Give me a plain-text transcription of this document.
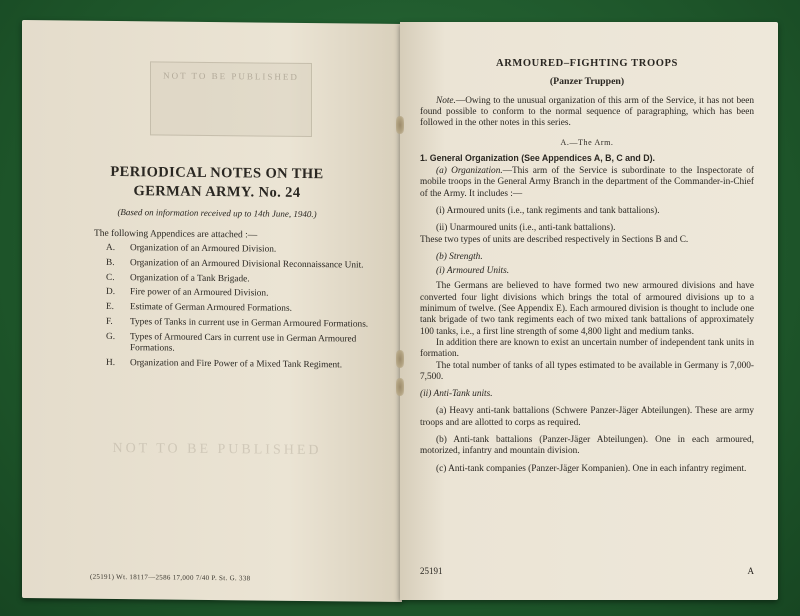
NOT TO BE PUBLISHED
NOT TO BE PUBLISHED
PERIODICAL NOTES ON THE
GERMAN ARMY. No. 24
(Based on information received up to 14th June, 1940.)
The following Appendices are attached :—
A.	Organization of an Armoured Division.
B.	Organization of an Armoured Divisional Reconnaissance Unit.
C.	Organization of a Tank Brigade.
D.	Fire power of an Armoured Division.
E.	Estimate of German Armoured Formations.
F.	Types of Tanks in current use in German Armoured Formations.
G.	Types of Armoured Cars in current use in German Armoured Formations.
H.	Organization and Fire Power of a Mixed Tank Regiment.
(25191) Wt. 18117—2586 17,000 7/40 P. St. G. 338

ARMOURED–FIGHTING TROOPS

(Panzer Truppen)

Note.—Owing to the unusual organization of this arm of the Service, it has not been found possible to conform to the normal sequence of paragraphing, which has been followed in the other notes in this series.

A.—The Arm.

1. General Organization (See Appendices A, B, C and D).

(a) Organization.—This arm of the Service is subordinate to the Inspectorate of mobile troops in the General Army Branch in the department of the Commander-in-Chief of the Army. It includes :—

(i) Armoured units (i.e., tank regiments and tank battalions).

(ii) Unarmoured units (i.e., anti-tank battalions).

These two types of units are described respectively in Sections B and C.

(b) Strength.

(i) Armoured Units.

The Germans are believed to have formed two new armoured divisions and have converted four light divisions which brings the total of armoured divisions up to a minimum of twelve. (See Appendix E). Each armoured division is thought to include one tank brigade of two tank regiments each of two mixed tank battalions of approximately 100 tanks, i.e., a first line strength of some 4,800 light and medium tanks.

In addition there are known to exist an uncertain number of independent tank units in formation.

The total number of tanks of all types estimated to be available in Germany is 7,000-7,500.

(ii) Anti-Tank units.

(a) Heavy anti-tank battalions (Schwere Panzer-Jäger Abteilungen). These are army troops and are allotted to corps as required.

(b) Anti-tank battalions (Panzer-Jäger Abteilungen). One in each armoured, motorized, infantry and mountain division.

(c) Anti-tank companies (Panzer-Jäger Kompanien). One in each infantry regiment.

25191	A
